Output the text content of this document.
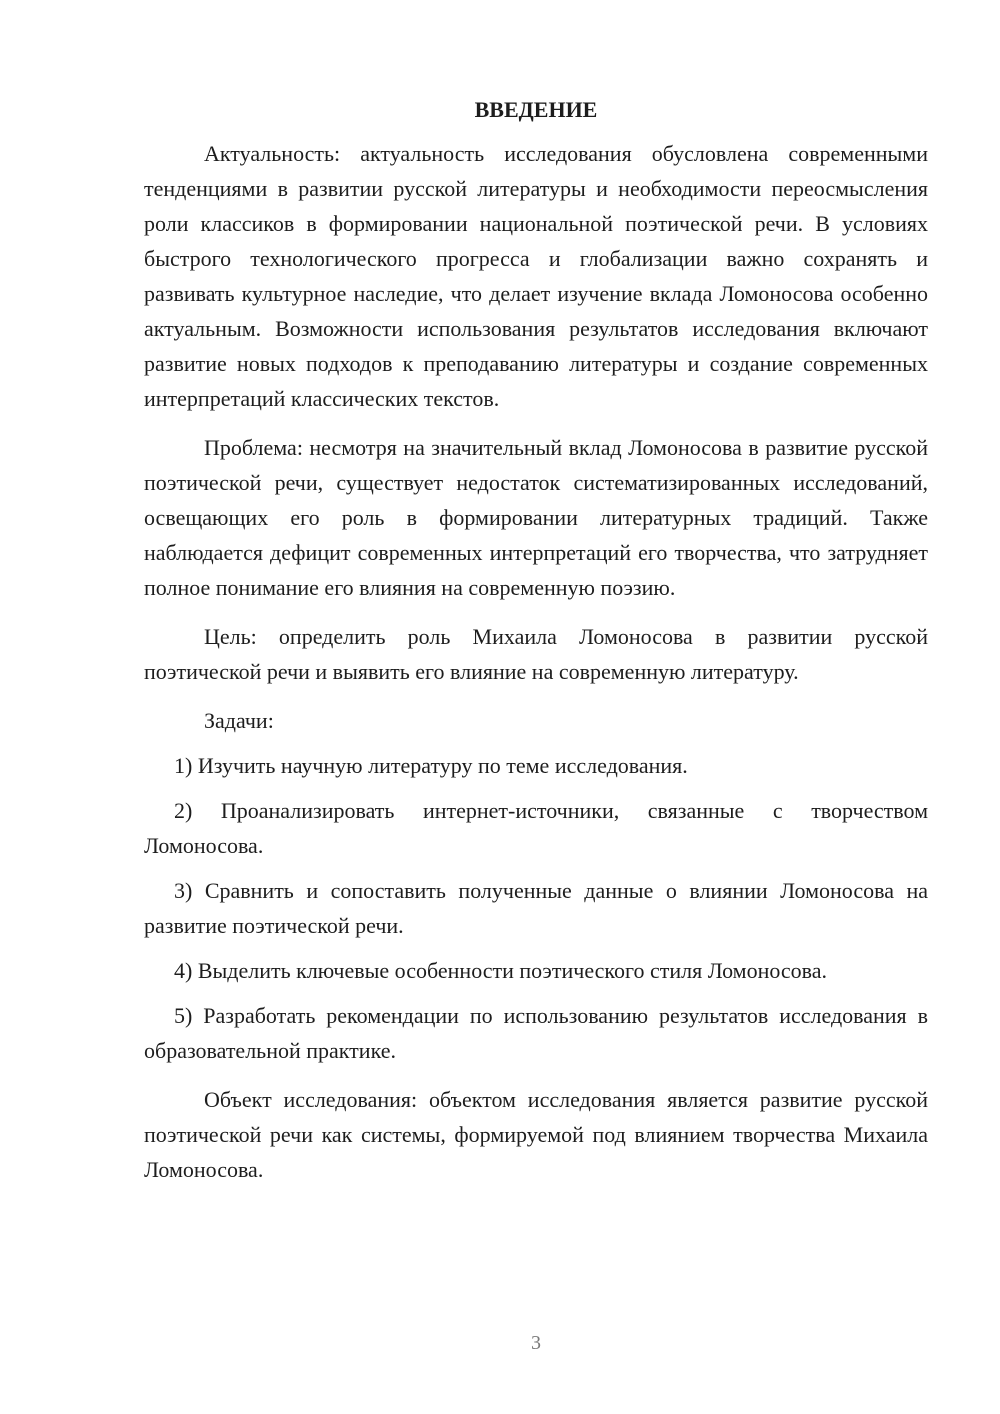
ВВЕДЕНИЕ

Актуальность: актуальность исследования обусловлена современными тенденциями в развитии русской литературы и необходимости переосмысления роли классиков в формировании национальной поэтической речи. В условиях быстрого технологического прогресса и глобализации важно сохранять и развивать культурное наследие, что делает изучение вклада Ломоносова особенно актуальным. Возможности использования результатов исследования включают развитие новых подходов к преподаванию литературы и создание современных интерпретаций классических текстов.

Проблема: несмотря на значительный вклад Ломоносова в развитие русской поэтической речи, существует недостаток систематизированных исследований, освещающих его роль в формировании литературных традиций. Также наблюдается дефицит современных интерпретаций его творчества, что затрудняет полное понимание его влияния на современную поэзию.

Цель: определить роль Михаила Ломоносова в развитии русской поэтической речи и выявить его влияние на современную литературу.

Задачи:

1) Изучить научную литературу по теме исследования.

2) Проанализировать интернет-источники, связанные с творчеством Ломоносова.

3) Сравнить и сопоставить полученные данные о влиянии Ломоносова на развитие поэтической речи.

4) Выделить ключевые особенности поэтического стиля Ломоносова.

5) Разработать рекомендации по использованию результатов исследования в образовательной практике.

Объект исследования: объектом исследования является развитие русской поэтической речи как системы, формируемой под влиянием творчества Михаила Ломоносова.

3
